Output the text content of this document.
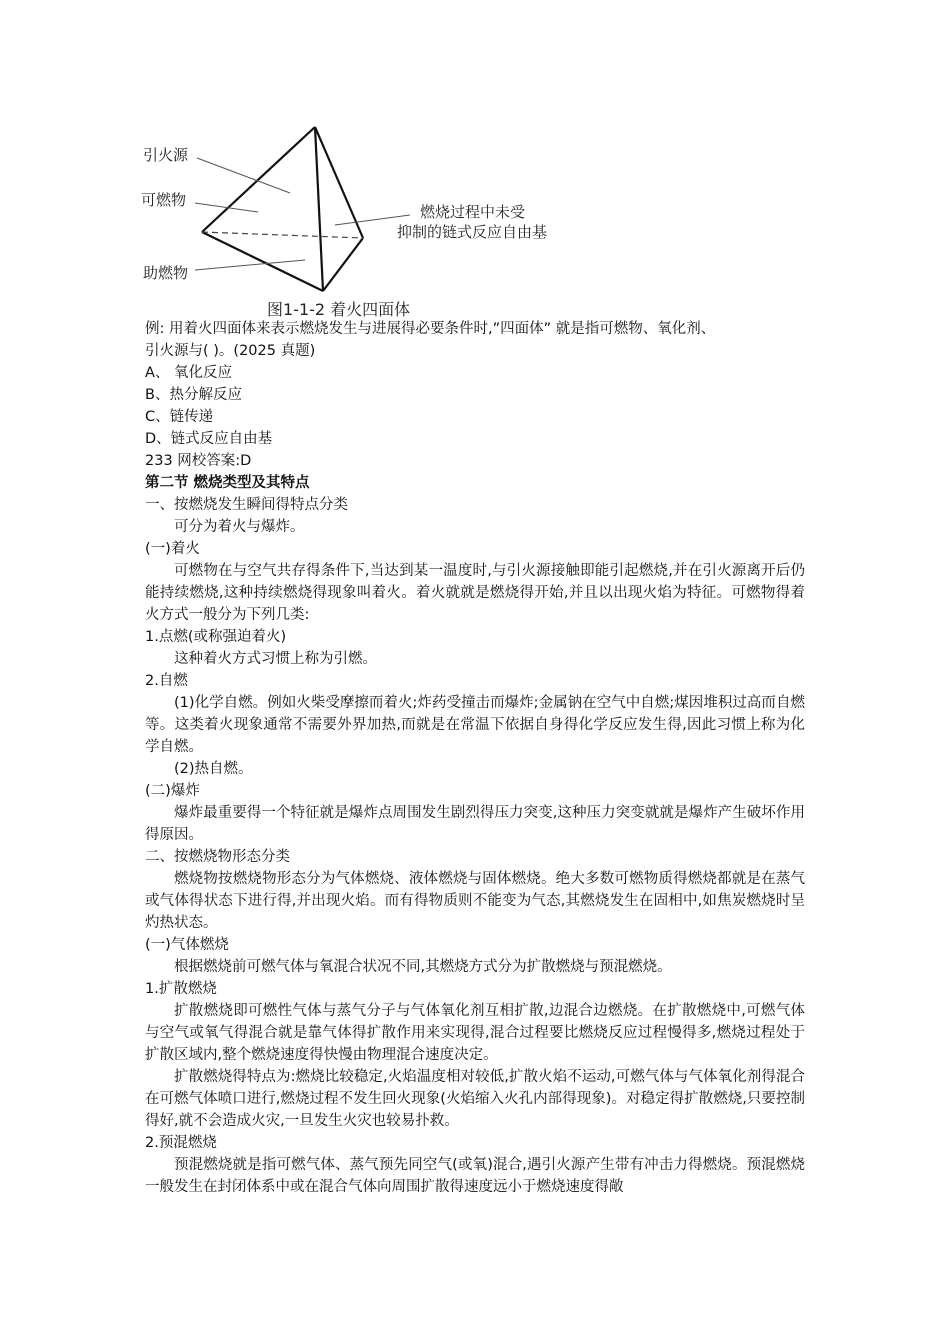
引火源
可燃物
助燃物
燃烧过程中未受
抑制的链式反应自由基
图1-1-2 着火四面体
例: 用着火四面体来表示燃烧发生与进展得必要条件时,”四面体” 就是指可燃物、氧化剂、
引火源与( )。(2025 真题)
A、 氧化反应
B、热分解反应
C、链传递
D、链式反应自由基
233 网校答案:D
第二节 燃烧类型及其特点
一、按燃烧发生瞬间得特点分类
可分为着火与爆炸。
(一)着火
可燃物在与空气共存得条件下,当达到某一温度时,与引火源接触即能引起燃烧,并在引火源离开后仍能持续燃烧,这种持续燃烧得现象叫着火。着火就就是燃烧得开始,并且以出现火焰为特征。可燃物得着火方式一般分为下列几类:
1.点燃(或称强迫着火)
这种着火方式习惯上称为引燃。
2.自燃
(1)化学自燃。例如火柴受摩擦而着火;炸药受撞击而爆炸;金属钠在空气中自燃;煤因堆积过高而自燃等。这类着火现象通常不需要外界加热,而就是在常温下依据自身得化学反应发生得,因此习惯上称为化学自燃。
(2)热自燃。
(二)爆炸
爆炸最重要得一个特征就是爆炸点周围发生剧烈得压力突变,这种压力突变就就是爆炸产生破坏作用得原因。
二、按燃烧物形态分类
燃烧物按燃烧物形态分为气体燃烧、液体燃烧与固体燃烧。绝大多数可燃物质得燃烧都就是在蒸气或气体得状态下进行得,并出现火焰。而有得物质则不能变为气态,其燃烧发生在固相中,如焦炭燃烧时呈灼热状态。
(一)气体燃烧
根据燃烧前可燃气体与氧混合状况不同,其燃烧方式分为扩散燃烧与预混燃烧。
1.扩散燃烧
扩散燃烧即可燃性气体与蒸气分子与气体氧化剂互相扩散,边混合边燃烧。在扩散燃烧中,可燃气体与空气或氧气得混合就是靠气体得扩散作用来实现得,混合过程要比燃烧反应过程慢得多,燃烧过程处于扩散区域内,整个燃烧速度得快慢由物理混合速度决定。
扩散燃烧得特点为:燃烧比较稳定,火焰温度相对较低,扩散火焰不运动,可燃气体与气体氧化剂得混合在可燃气体喷口进行,燃烧过程不发生回火现象(火焰缩入火孔内部得现象)。对稳定得扩散燃烧,只要控制得好,就不会造成火灾,一旦发生火灾也较易扑救。
2.预混燃烧
预混燃烧就是指可燃气体、蒸气预先同空气(或氧)混合,遇引火源产生带有冲击力得燃烧。预混燃烧一般发生在封闭体系中或在混合气体向周围扩散得速度远小于燃烧速度得敞
